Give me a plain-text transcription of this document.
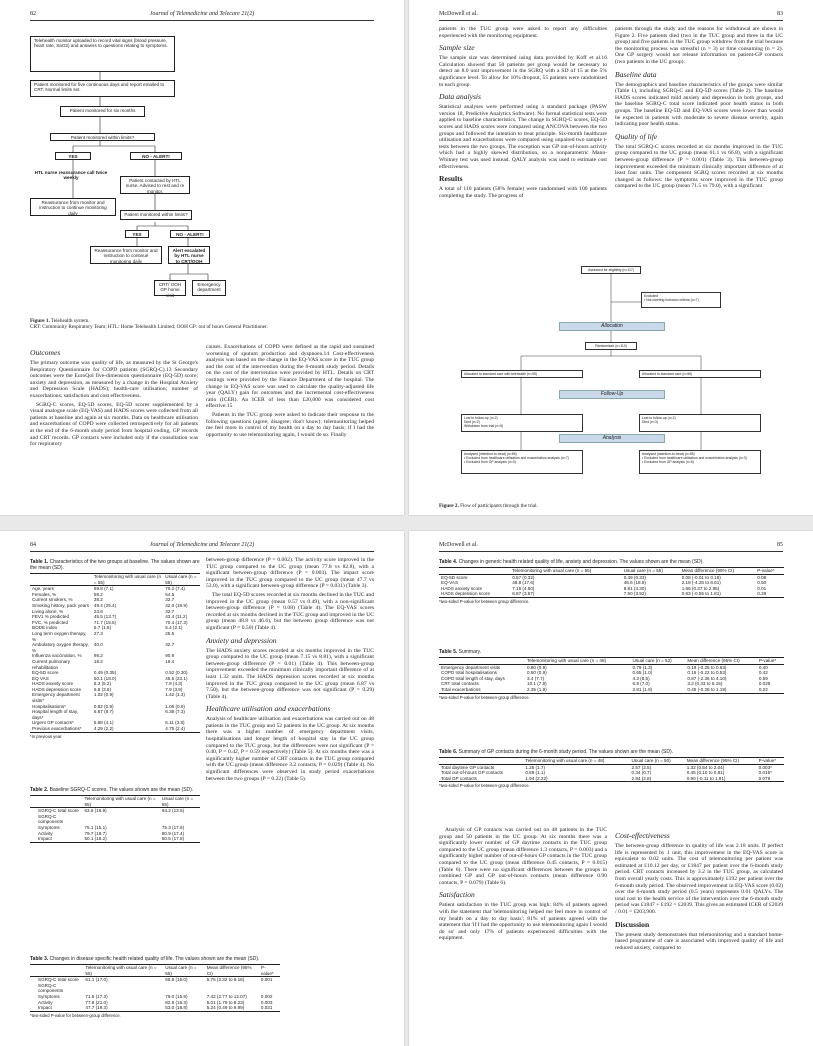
82	Journal of Telemedicine and Telecare 21(2)
Telehealth monitor uploaded to record vital signs (blood pressure, heart rate, SaO2) and answers to questions relating to symptoms.
Patient monitored for five continuous days and report emailed to CRT. Normal limits set.
Patient monitored for six months
Patient monitored within limits?
YES	NO - ALERT!
HTL nurse reassurance call twice weekly
Patient contacted by HTL nurse. Advised to rest and re monitor.
Reassurance from monitor and instruction to continue monitoring daily	Patient monitored within limits?
YES	NO - ALERT!
Reassurance from monitor and instruction to continue monitoring daily
Alert escalated by HTL nurse to CRT/OOH
CRT/ OOH GP home visit
Emergency department
Figure 1. Telehealth system.
CRT: Community Respiratory Team; HTL: Home Telehealth Limited; OOH GP: out of hours General Practitioner.
Outcomes

The primary outcome was quality of life, as measured by the St George's Respiratory Questionnaire for COPD patients (SGRQ-C).13 Secondary outcomes were the EuroQol five-dimension questionnaire (EQ-5D) score; anxiety and depression, as measured by a change in the Hospital Anxiety and Depression Scale (HADS); health-care utilisation; number of exacerbations; satisfaction and cost effectiveness.

SGRQ-C scores, EQ-5D scores, EQ-5D scores supplemented by a visual analogue scale (EQ-VAS) and HADS scores were collected from all patients at baseline and again at six months. Data on healthcare utilisation and exacerbations of COPD were collected retrospectively for all patients at the end of the 6-month study period from hospital coding, GP records and CRT records. GP contacts were included only if the consultation was for respiratory

causes. Exacerbations of COPD were defined as the rapid and sustained worsening of sputum production and dyspnoea.14 Cost-effectiveness analysis was based on the change in the EQ-VAS score in the TUC group and the cost of the intervention during the 6-month study period. Details on the cost of the intervention were provided by HTL. Details on CRT costings were provided by the Finance Department of the hospital. The change in EQ-VAS score was used to calculate the quality-adjusted life year (QALY) gain for outcomes and the incremental cost-effectiveness ratio (ICER). An ICER of less than £20,000 was considered cost effective.15

Patients in the TUC group were asked to indicate their response to the following questions (agree; disagree; don't know): telemonitoring helped me feel more in control of my health on a day to day basis; if I had the opportunity to use telemonitoring again, I would do so. Finally

McDowell et al.	83

patients in the TUC group were asked to report any difficulties experienced with the monitoring equipment.

Sample size

The sample size was determined using data provided by Koff et al.16 Calculation showed that 50 patients per group would be necessary to detect an 8.0 unit improvement in the SGRQ with a SD of 15 at the 5% significance level. To allow for 10% dropout, 55 patients were randomised to each group.

Data analysis

Statistical analyses were performed using a standard package (PASW version 18, Predictive Analytics Software). No formal statistical tests were applied to baseline characteristics. The change in SGRQ-C scores, EQ-5D scores and HADS scores were compared using ANCOVA between the two groups and followed the intention to treat principle. Six-month healthcare utilisation and exacerbations were compared using unpaired two sample t-tests between the two groups. The exception was GP out-of-hours activity which had a highly skewed distribution, so a nonparametric Mann-Whitney test was used instead. QALY analysis was used to estimate cost effectiveness.

Results

A total of 110 patients (58% female) were randomised with 100 patients completing the study. The progress of

patients through the study and the reasons for withdrawal are shown in Figure 2. Five patients died (two in the TUC group and three in the UC group) and five patients in the TUC group withdrew from the trial because the monitoring process was stressful (n = 3) or time consuming (n = 2). One GP surgery would not release information on patient-GP contacts (two patients in the UC group).

Baseline data

The demographics and baseline characteristics of the groups were similar (Table 1), including SGRQ-C and EQ-5D scores (Table 2). The baseline HADS scores indicated mild anxiety and depression in both groups, and the baseline SGRQ-C total score indicated poor health status in both groups. The baseline EQ-5D and EQ-VAS scores were lower than would be expected in patients with moderate to severe disease severity, again indicating poor health status.

Quality of life

The total SGRQ-C scores recorded at six months improved in the TUC group compared to the UC group (mean 61.1 vs 66.8), with a significant between-group difference (P = 0.001) (Table 3). This between-group improvement exceeded the minimum clinically important difference of at least four units. The component SGRQ scores recorded at six months changed as follows: the symptoms score improved in the TUC group compared to the UC group (mean 71.5 vs 79.0), with a significant

Assessed for eligibility (n=117)
Excluded
• Not meeting inclusion criteria (n=7)
Randomised (n=110)
Allocation
Allocated to standard care with telehealth (n=55)	Allocated to standard care (n=55)
Follow-Up
Lost to follow-up (n=2)
Died (n=2)
Withdrawn from trial (n=5)
Lost to follow-up (n=2)
Died (n=3)
Analysis
Analysed (intention-to-treat) (n=55)
• Excluded from healthcare utilisation and exacerbation analysis (n=7)
• Excluded from GP analysis (n=0)
Analysed (intention-to-treat) (n=55)
• Excluded from healthcare utilisation and exacerbation analysis (n=3)
• Excluded from GP analysis (n=5)
Figure 2. Flow of participants through the trial.
84	Journal of Telemedicine and Telecare 21(2)
Table 1. Characteristics of the two groups at baseline. The values shown are the mean (SD).
	Telemonitoring with usual care (n = 55)	Usual care (n = 55)
Age, years	69.8 (7.1)	70.2 (7.4)
Females, %	58.2	54.5
Current smokers, %	38.2	32.7
Smoking history, pack years	49.4 (25.4)	42.0 (19.9)
Living alone, %	23.6	32.7
FEV1 % predicted	45.5 (13.7)	43.4 (11.2)
FVC, % predicted	71.7 (15.5)	70.4 (17.3)
BODE index	5.7 (1.8)	5.4 (2.1)
Long term oxygen therapy, %	27.3	25.5
Ambulatory oxygen therapy, %	40.0	32.7
Influenza vaccination, %	98.2	90.9
Current pulmonary rehabilitation	18.2	16.4
EQ-5D score	0.49 (0.35)	0.52 (0.30)
EQ VAS	50.1 (18.0)	45.5 (23.1)
HADS anxiety score	8.3 (5.2)	7.9 (4.3)
HADS depression score	6.8 (3.8)	7.9 (3.9)
Emergency department visits*	1.02 (0.9)	1.42 (1.3)
Hospitalisations*	0.82 (0.9)	1.05 (0.9)
Hospital length of stay, days*	5.67 (8.7)	6.38 (7.3)
Urgent GP contacts*	5.98 (4.1)	6.11 (3.8)
Previous exacerbations*	4.29 (2.2)	4.75 (2.4)
*In previous year.
Table 2. Baseline SGRQ-C scores. The values shown are the mean (SD).
	Telemonitoring with usual care (n = 55)	Usual care (n = 55)
SGRQ-C total score	63.6 (15.9)	64.2 (13.5)
SGRQ-C components		
Symptoms	75.1 (15.1)	75.3 (17.6)
Activity	79.7 (19.7)	80.9 (17.4)
Impact	50.1 (18.2)	50.5 (17.8)

between-group difference (P = 0.002). The activity score improved in the TUC group compared to the UC group (mean 77.8 vs 82.8), with a significant between-group difference (P = 0.003). The impact score improved in the TUC group compared to the UC group (mean 47.7 vs 53.0), with a significant between-group difference (P = 0.031) (Table 3).

The total EQ-5D scores recorded at six months declined in the TUC and improved in the UC group (mean 0.57 vs 0.49), with a non-significant between-group difference (P = 0.08) (Table 4). The EQ-VAS scores recorded at six months declined in the TUC group and improved in the UC group (mean 48.8 vs 46.6), but the between group difference was not significant (P = 0.50) (Table 4).

Anxiety and depression

The HADS anxiety scores recorded at six months improved in the TUC group compared to the UC group (mean 7.15 vs 8.81), with a significant between-group difference (P = 0.01) (Table 4). This between-group improvement exceeded the minimum clinically important difference of at least 1.32 units. The HADS depression scores recorded at six months improved in the TUC group compared to the UC group (mean 6.87 vs 7.50), but the between-group difference was not significant (P = 0.29) (Table 4).

Healthcare utilisation and exacerbations

Analysis of healthcare utilisation and exacerbations was carried out on 48 patients in the TUC group and 52 patients in the UC group. At six months there was a higher number of emergency department visits, hospitalisations and longer length of hospital stay in the UC group compared to the TUC group, but the differences were not significant (P = 0.40, P = 0.42, P = 0.59 respectively) (Table 5). At six months there was a significantly higher number of CRT contacts in the TUC group compared with the UC group (mean difference 3.2 contacts, P = 0.029) (Table 4). No significant differences were observed in study period exacerbations between the two groups (P = 0.22) (Table 5).

Table 3. Changes in disease specific health related quality of life. The values shown are the mean (SD).
	Telemonitoring with usual care (n = 55)	Usual care (n = 55)	Mean difference (95% CI)	P-value*
SGRQ-C total score	61.1 (17.0)	66.8 (15.0)	5.75 (2.32 to 9.18)	0.001
SGRQ-C components				
Symptoms	71.5 (17.3)	79.0 (15.9)	7.42 (2.77 to 12.07)	0.002
Activity	77.8 (21.0)	82.8 (16.3)	5.01 (1.79 to 8.23)	0.003
Impact	47.7 (19.3)	53.0 (18.8)	5.24 (0.49 to 9.99)	0.031
*two-sided P-value for between-group difference.
McDowell et al.	85
Table 4. Changes in generic health related quality of life, anxiety and depression. The values shown are the mean (SD).
	Telemonitoring with usual care (n = 55)	Usual care (n = 55)	Mean difference (95% CI)	P-value*
EQ-5D score	0.57 (0.32)	0.49 (0.33)	0.08 (-0.01 to 0.18)	0.08
EQ-VAS	48.8 (17.6)	46.6 (18.8)	2.18 (-4.25 to 8.61)	0.50
HADS anxiety score	7.15 (4.50)	8.81 (4.30)	1.66 (0.37 to 2.95)	0.01
HADS depression score	6.87 (3.67)	7.50 (3.92)	0.63 (-0.55 to 1.81)	0.29
*two-sided P-value for between group difference.
Table 5. Summary.
	Telemonitoring with usual care (n = 48)	Usual care (n = 52)	Mean difference (95% CI)	P-value*
Emergency department visits	0.60 (0.9)	0.79 (1.3)	0.19 (-0.25 to 0.63)	0.40
COPD total hospitalisations	0.50 (0.9)	0.65 (1.0)	0.15 (-0.22 to 0.53)	0.42
COPD total length of stay, days	3.4 (7.7)	4.3 (8.5)	0.87 (-2.36 to 4.10)	0.59
CRT total contacts	10.1 (7.8)	6.9 (7.0)	3.2 (0.33 to 6.15)	0.029
Total exacerbations	2.35 (1.8)	2.81 (1.9)	0.45 (-0.28 to 1.19)	0.22
*two-sided P-value for between-group difference.
Table 6. Summary of GP contacts during the 6-month study period. The values shown are the mean (SD).
	Telemonitoring with usual care (n = 48)	Usual care (n = 50)	Mean difference (95% CI)	P-value*
Total daytime GP contacts	1.25 (1.7)	2.57 (2.5)	1.32 (0.54 to 2.04)	0.003*
Total out-of-hours GP contacts	0.69 (1.1)	0.34 (0.7)	0.45 (0.10 to 0.81)	0.015*
Total GP contacts	1.94 (2.22)	2.84 (2.8)	0.90 (-0.11 to 1.91)	0.079
*two-sided P-value for between-group difference.

Analysis of GP contacts was carried out on 48 patients in the TUC group and 50 patients in the UC group. At six months there was a significantly lower number of GP daytime contacts in the TUC group compared to the UC group (mean difference 1.3 contacts, P = 0.003) and a significantly higher number of out-of-hours GP contacts in the TUC group compared to the UC group (mean difference 0.45 contacts, P = 0.015) (Table 6). There were no significant differences between the groups in combined GP and GP out-of-hours contacts (mean difference 0.90 contacts, P = 0.079) (Table 6).

Satisfaction

Patient satisfaction in the TUC group was high: 84% of patients agreed with the statement that 'telemonitoring helped me feel more in control of my health on a day to day basis'; 81% of patients agreed with the statement that 'if I had the opportunity to use telemonitoring again I would do so' and only 17% of patients experienced difficulties with the equipment.

Cost-effectiveness

The between-group difference in quality of life was 2.18 units. If perfect life is represented by 1 unit, this improvement in the EQ-VAS score is equivalent to 0.02 units. The cost of telemonitoring per patient was estimated at £10.12 per day, or £1847 per patient over the 6-month study period. CRT contacts increased by 3.2 in the TUC group, as calculated from overall yearly costs. This is approximately £192 per patient over the 6-month study period. The observed improvement in EQ-VAS score (0.02) over the 6-month study period (0.5 years) represents 0.01 QALYs. The total cost to the health service of the intervention over the 6-month study period was £1847 + £192 = £2039. This gives an estimated ICER of £2039 / 0.01 = £203,900.

Discussion

The present study demonstrates that telemonitoring and a standard home-based programme of care is associated with improved quality of life and reduced anxiety, compared to
